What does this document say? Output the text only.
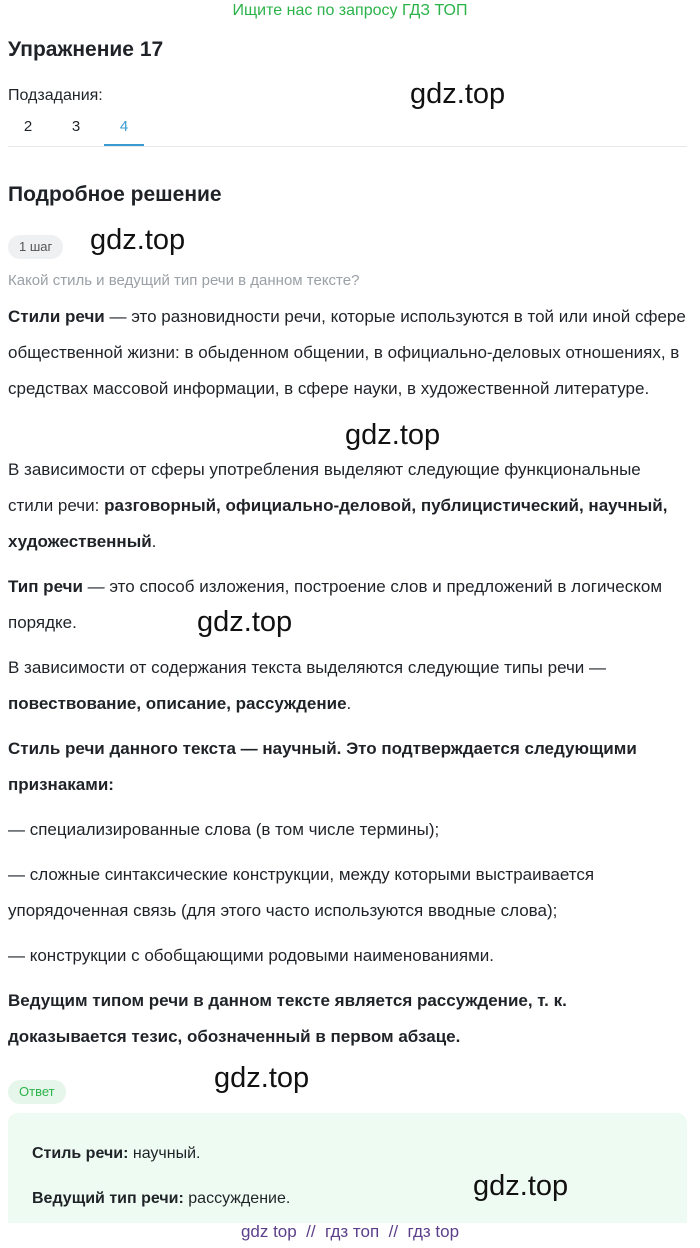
Ищите нас по запросу ГДЗ ТОП
Упражнение 17
Подзадания:
2	3	4
gdz.top
Подробное решение
1 шаг	gdz.top
Какой стиль и ведущий тип речи в данном тексте?

Стили речи — это разновидности речи, которые используются в той или иной сфере общественной жизни: в обыденном общении, в официально-деловых отношениях, в средствах массовой информации, в сфере науки, в художественной литературе.

gdz.top

В зависимости от сферы употребления выделяют следующие функциональные стили речи: разговорный, официально-деловой, публицистический, научный, художественный.

Тип речи — это способ изложения, построение слов и предложений в логическом порядке.	gdz.top

В зависимости от содержания текста выделяются следующие типы речи — повествование, описание, рассуждение.

Стиль речи данного текста — научный. Это подтверждается следующими признаками:

— специализированные слова (в том числе термины);

— сложные синтаксические конструкции, между которыми выстраивается упорядоченная связь (для этого часто используются вводные слова);

— конструкции с обобщающими родовыми наименованиями.

Ведущим типом речи в данном тексте является рассуждение, т. к. доказывается тезис, обозначенный в первом абзаце.

Ответ	gdz.top
Стиль речи: научный.
Ведущий тип речи: рассуждение.	gdz.top
gdz top  //  гдз топ  //  гдз top
